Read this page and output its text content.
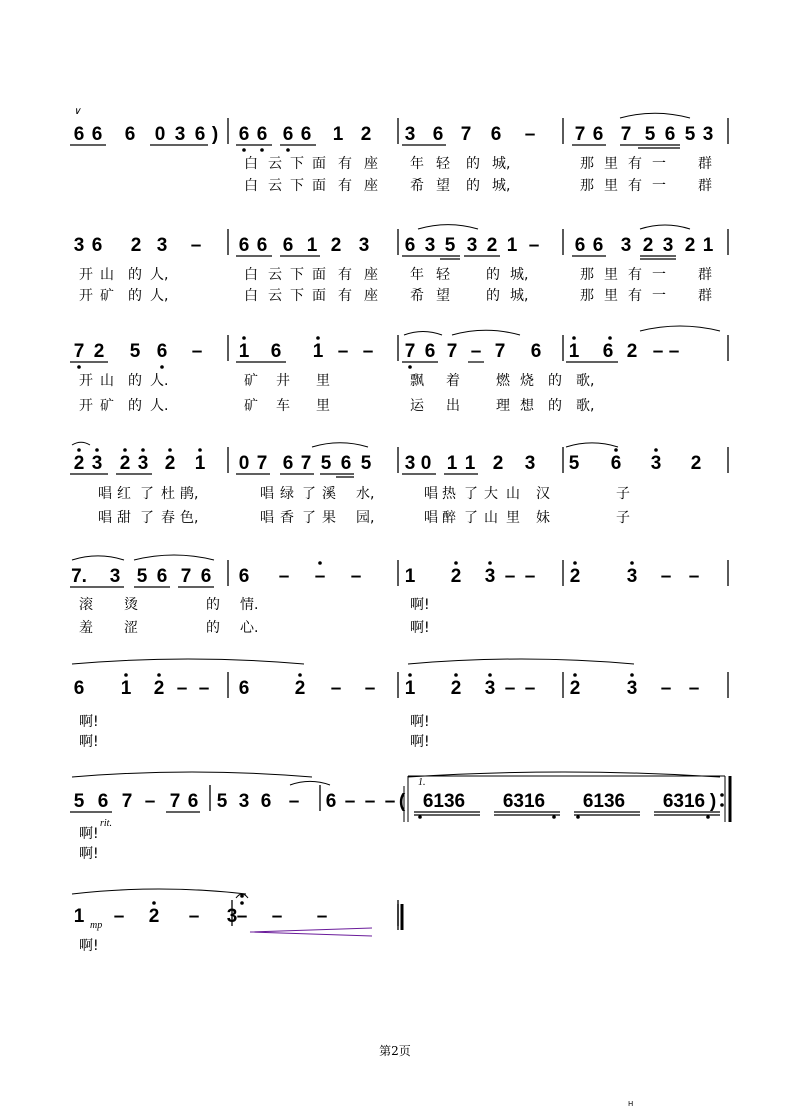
6 6 6 0 3 6 ) 6 6 6 6 1 2 3 6 7 6 – 7 6 7 5 6 5 3
白 云 下 面 有 座 年 轻 的 城,	那 里 有 一 群
白 云 下 面 有 座 希 望 的 城,	那 里 有 一 群
∨
3 6 2 3 – 6 6 6 1 2 3 6 3 5 3 2 1 – 6 6 3 2 3 2 1
开 山 的 人,	白 云 下 面 有 座 年 轻	的 城,	那 里 有 一 群
开 矿 的 人,	白 云 下 面 有 座 希 望	的 城,	那 里 有 一 群
7 2 5 6 – 1 6 1 – – 7 6 7 – 7 6 1 6 2 – –
开 山 的 人.	矿 井 里	飘 着	燃 烧 的 歌,
开 矿 的 人.	矿 车 里	运 出	理 想 的 歌,
2 3 2 3 2 1 0 7 6 7 5 6 5 3 0 1 1 2 3 5 6 3 2
唱 红 了 杜 鹃,	唱 绿 了 溪 水,	唱 热 了 大 山 汉	子
唱 甜 了 春 色,	唱 香 了 果 园,	唱 醉 了 山 里 妹	子
7. 3 5 6 7 6 6 – – – 1 2 3 – – 2 3 – –
滚 烫	的 情.	啊!
羞 涩	的 心.	啊!
6 1 2 – – 6 2 – – 1 2 3 – – 2 3 – –
啊!	啊!
啊!	啊!
5 6 7 – 7 6 5 3 6 – 6 – – – ( 6136 6316 6136 6316 )
啊!
啊!
rit.
1.
1 – 2 – 3 – – –
啊!
mp
第2页
H
